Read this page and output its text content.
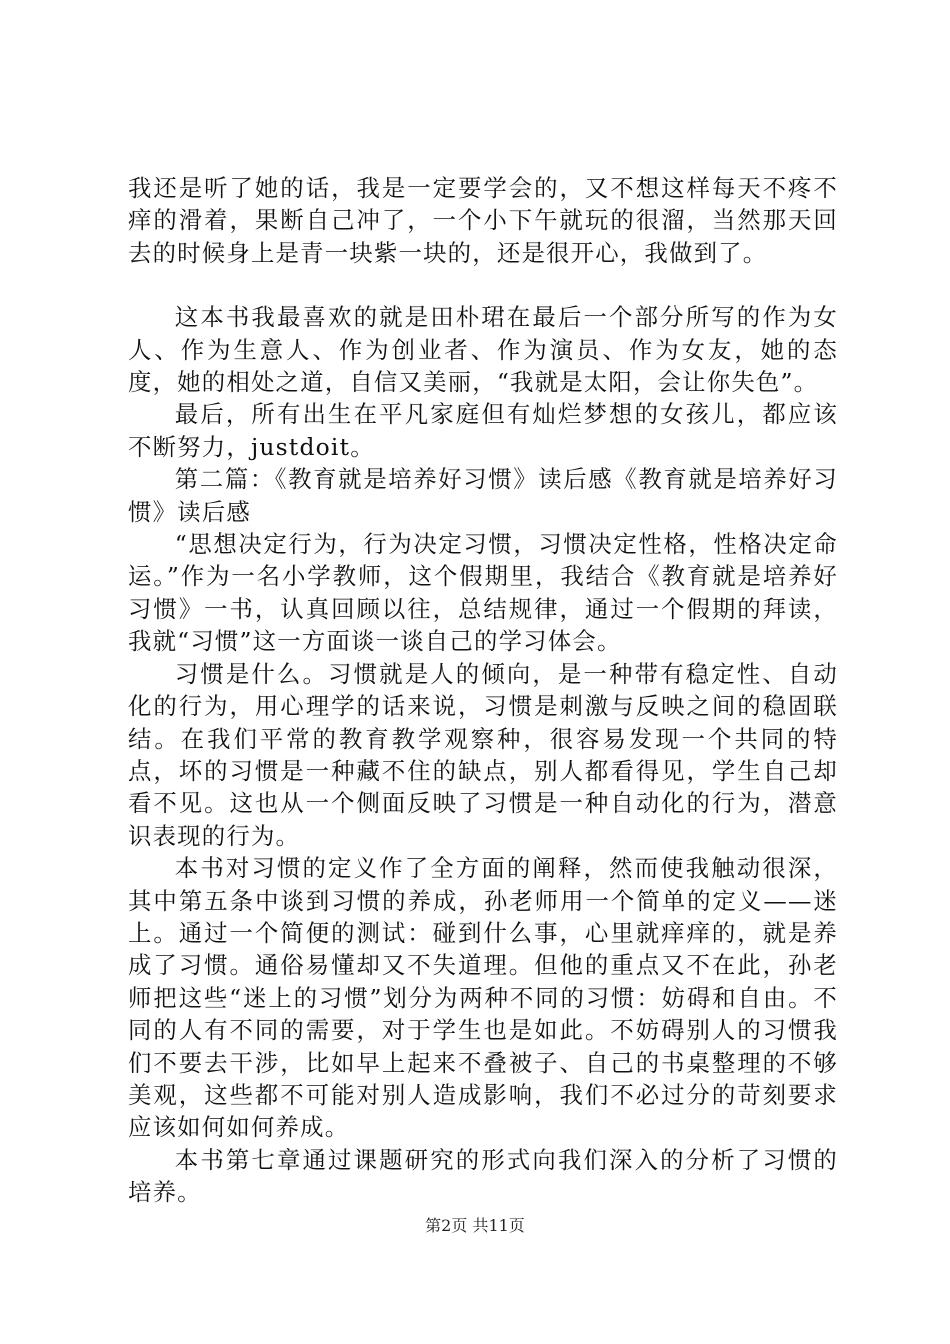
我还是听了她的话，我是一定要学会的，又不想这样每天不疼不痒的滑着，果断自己冲了，一个小下午就玩的很溜，当然那天回去的时候身上是青一块紫一块的，还是很开心，我做到了。

这本书我最喜欢的就是田朴珺在最后一个部分所写的作为女人、作为生意人、作为创业者、作为演员、作为女友，她的态度，她的相处之道，自信又美丽，“我就是太阳，会让你失色”。

最后，所有出生在平凡家庭但有灿烂梦想的女孩儿，都应该不断努力，justdoit。

第二篇：《教育就是培养好习惯》读后感《教育就是培养好习惯》读后感

“思想决定行为，行为决定习惯，习惯决定性格，性格决定命运。”作为一名小学教师，这个假期里，我结合《教育就是培养好习惯》一书，认真回顾以往，总结规律，通过一个假期的拜读，我就“习惯”这一方面谈一谈自己的学习体会。

习惯是什么。习惯就是人的倾向，是一种带有稳定性、自动化的行为，用心理学的话来说，习惯是刺激与反映之间的稳固联结。在我们平常的教育教学观察种，很容易发现一个共同的特点，坏的习惯是一种藏不住的缺点，别人都看得见，学生自己却看不见。这也从一个侧面反映了习惯是一种自动化的行为，潜意识表现的行为。

本书对习惯的定义作了全方面的阐释，然而使我触动很深，其中第五条中谈到习惯的养成，孙老师用一个简单的定义——迷上。通过一个简便的测试：碰到什么事，心里就痒痒的，就是养成了习惯。通俗易懂却又不失道理。但他的重点又不在此，孙老师把这些“迷上的习惯”划分为两种不同的习惯：妨碍和自由。不同的人有不同的需要，对于学生也是如此。不妨碍别人的习惯我们不要去干涉，比如早上起来不叠被子、自己的书桌整理的不够美观，这些都不可能对别人造成影响，我们不必过分的苛刻要求应该如何如何养成。

本书第七章通过课题研究的形式向我们深入的分析了习惯的培养。

第2页 共11页
